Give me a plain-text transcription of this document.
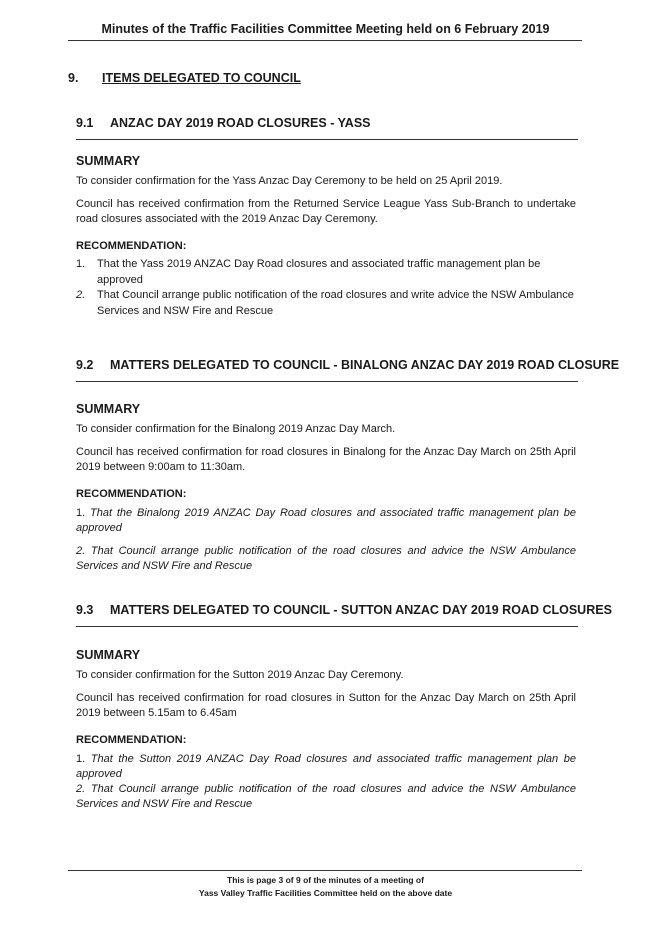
Minutes of the Traffic Facilities Committee Meeting held on 6 February 2019
9. ITEMS DELEGATED TO COUNCIL
9.1 ANZAC DAY 2019 ROAD CLOSURES - YASS
SUMMARY

To consider confirmation for the Yass Anzac Day Ceremony to be held on 25 April 2019.

Council has received confirmation from the Returned Service League Yass Sub-Branch to undertake road closures associated with the 2019 Anzac Day Ceremony.

RECOMMENDATION:
1.	That the Yass 2019 ANZAC Day Road closures and associated traffic management plan be approved
2.	That Council arrange public notification of the road closures and write advice the NSW Ambulance Services and NSW Fire and Rescue
9.2 MATTERS DELEGATED TO COUNCIL - BINALONG ANZAC DAY 2019 ROAD CLOSURE
SUMMARY

To consider confirmation for the Binalong 2019 Anzac Day March.

Council has received confirmation for road closures in Binalong for the Anzac Day March on 25th April 2019 between 9:00am to 11:30am.

RECOMMENDATION:

1. That the Binalong 2019 ANZAC Day Road closures and associated traffic management plan be approved

2. That Council arrange public notification of the road closures and advice the NSW Ambulance Services and NSW Fire and Rescue

9.3 MATTERS DELEGATED TO COUNCIL - SUTTON ANZAC DAY 2019 ROAD CLOSURES
SUMMARY

To consider confirmation for the Sutton 2019 Anzac Day Ceremony.

Council has received confirmation for road closures in Sutton for the Anzac Day March on 25th April 2019 between 5.15am to 6.45am

RECOMMENDATION:

1. That the Sutton 2019 ANZAC Day Road closures and associated traffic management plan be approved

2. That Council arrange public notification of the road closures and advice the NSW Ambulance Services and NSW Fire and Rescue

This is page 3 of 9 of the minutes of a meeting of
Yass Valley Traffic Facilities Committee held on the above date
